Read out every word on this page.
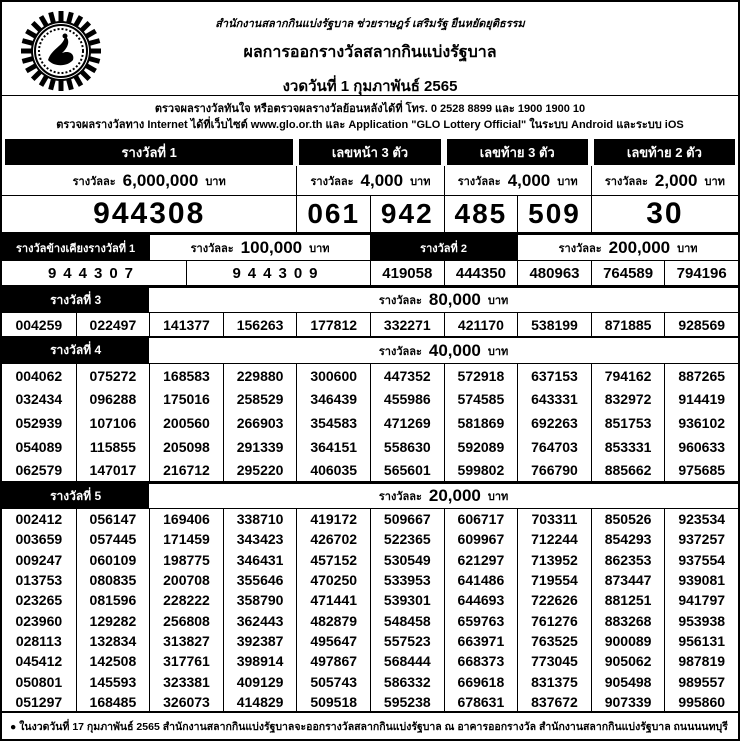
สำนักงานสลากกินแบ่งรัฐบาล ช่วยราษฎร์ เสริมรัฐ ยืนหยัดยุติธรรม
ผลการออกรางวัลสลากกินแบ่งรัฐบาล
งวดวันที่ 1 กุมภาพันธ์ 2565
ตรวจผลรางวัลทันใจ หรือตรวจผลรางวัลย้อนหลังได้ที่ โทร. 0 2528 8899 และ 1900 1900 10
ตรวจผลรางวัลทาง Internet ได้ที่เว็บไซต์ www.glo.or.th และ Application "GLO Lottery Official" ในระบบ Android และระบบ iOS
รางวัลที่ 1	เลขหน้า 3 ตัว	เลขท้าย 3 ตัว	เลขท้าย 2 ตัว
รางวัลละ 6,000,000 บาท	รางวัลละ 4,000 บาท รางวัลละ 4,000 บาท รางวัลละ 2,000 บาท
944308	061 942 485 509	30
รางวัลข้างเคียงรางวัลที่ 1	รางวัลละ 100,000 บาท	รางวัลที่ 2	รางวัลละ 200,000 บาท
944307	944309	419058	444350	480963	764589	794196
รางวัลที่ 3	รางวัลละ 80,000 บาท
004259	022497	141377	156263	177812	332271	421170	538199	871885	928569
รางวัลที่ 4	รางวัลละ 40,000 บาท
004062	075272	168583	229880	300600	447352	572918	637153	794162	887265
032434	096288	175016	258529	346439	455986	574585	643331	832972	914419
052939	107106	200560	266903	354583	471269	581869	692263	851753	936102
054089	115855	205098	291339	364151	558630	592089	764703	853331	960633
062579	147017	216712	295220	406035	565601	599802	766790	885662	975685
รางวัลที่ 5	รางวัลละ 20,000 บาท
002412	056147	169406	338710	419172	509667	606717	703311	850526	923534
003659	057445	171459	343423	426702	522365	609967	712244	854293	937257
009247	060109	198775	346431	457152	530549	621297	713952	862353	937554
013753	080835	200708	355646	470250	533953	641486	719554	873447	939081
023265	081596	228222	358790	471441	539301	644693	722626	881251	941797
023960	129282	256808	362443	482879	548458	659763	761276	883268	953938
028113	132834	313827	392387	495647	557523	663971	763525	900089	956131
045412	142508	317761	398914	497867	568444	668373	773045	905062	987819
050801	145593	323381	409129	505743	586332	669618	831375	905498	989557
051297	168485	326073	414829	509518	595238	678631	837672	907339	995860
● ในงวดวันที่ 17 กุมภาพันธ์ 2565 สำนักงานสลากกินแบ่งรัฐบาลจะออกรางวัลสลากกินแบ่งรัฐบาล ณ อาคารออกรางวัล สำนักงานสลากกินแบ่งรัฐบาล ถนนนนทบุรี
